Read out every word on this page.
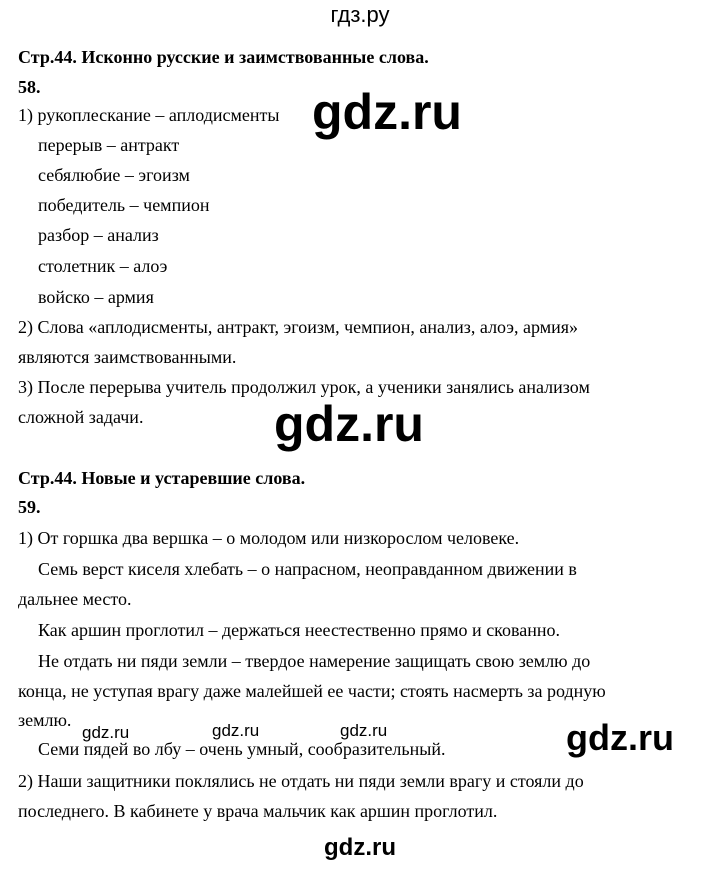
гдз.ру
Стр.44. Исконно русские и заимствованные слова.
58.
1) рукоплескание – аплодисменты
перерыв – антракт
себялюбие – эгоизм
победитель – чемпион
разбор – анализ
столетник – алоэ
войско – армия
2) Слова «аплодисменты, антракт, эгоизм, чемпион, анализ, алоэ, армия»
являются заимствованными.
3) После перерыва учитель продолжил урок, а ученики занялись анализом
сложной задачи.
Стр.44. Новые и устаревшие слова.
59.
1) От горшка два вершка – о молодом или низкорослом человеке.
Семь верст киселя хлебать – о напрасном, неоправданном движении в
дальнее место.
Как аршин проглотил – держаться неестественно прямо и скованно.
Не отдать ни пяди земли – твердое намерение защищать свою землю до
конца, не уступая врагу даже малейшей ее части; стоять насмерть за родную
землю.
Семи пядей во лбу – очень умный, сообразительный.
2) Наши защитники поклялись не отдать ни пяди земли врагу и стояли до
последнего. В кабинете у врача мальчик как аршин проглотил.
gdz.ru
gdz.ru
gdz.ru
gdz.ru	gdz.ru	gdz.ru
gdz.ru
